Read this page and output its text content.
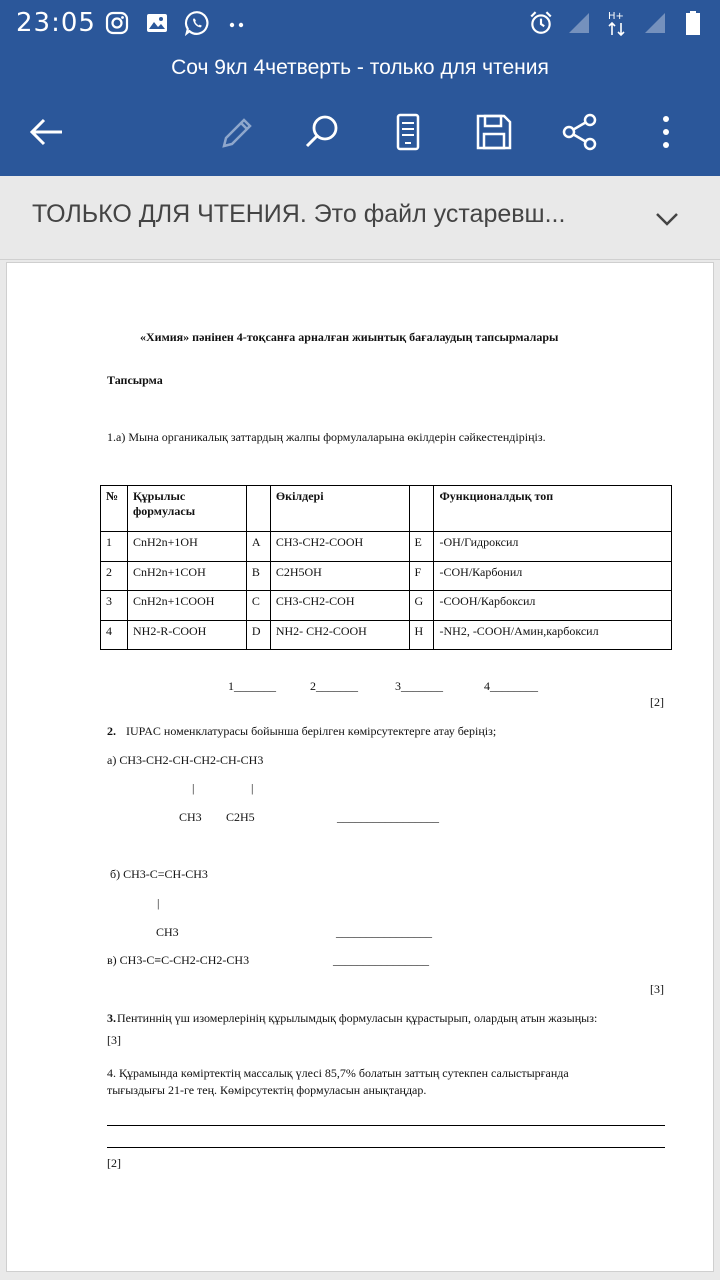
23:05	H+
Соч 9кл 4четверть - только для чтения
ТОЛЬКО ДЛЯ ЧТЕНИЯ. Это файл устаревш...
«Химия» пәнінен 4-тоқсанға арналған жиынтық бағалаудың тапсырмалары
Тапсырма
1.а) Мына органикалық заттардың жалпы формулаларына өкілдерін сәйкестендіріңіз.
№	Құрылыс формуласы		Өкілдері		Функционалдық топ
1	CnH2n+1OH	A	CH3-CH2-COOH	E	-OH/Гидроксил
2	CnH2n+1COH	B	C2H5OH	F	-COH/Карбонил
3	CnH2n+1COOH	C	CH3-CH2-COH	G	-COOH/Карбоксил
4	NH2-R-COOH	D	NH2- CH2-COOH	H	-NH2, -COOH/Амин,карбоксил
1_______	2_______	3_______	4________
[2]
2. IUPAC номенклатурасы бойынша берілген көмірсутектерге атау беріңіз;
а) CH3-CH2-CH-CH2-CH-CH3
|	|
CH3 C2H5	_________________
б) CH3-C=CH-CH3
|
CH3	________________
в) CH3-C≡C-CH2-CH2-CH3	________________
[3]
3. Пентиннің үш изомерлерінің құрылымдық формуласын құрастырып, олардың атын жазыңыз:
[3]
4. Құрамында көміртектің массалық үлесі 85,7% болатын заттың сутекпен салыстырғанда
тығыздығы 21-ге тең. Көмірсутектің формуласын анықтаңдар.
[2]
